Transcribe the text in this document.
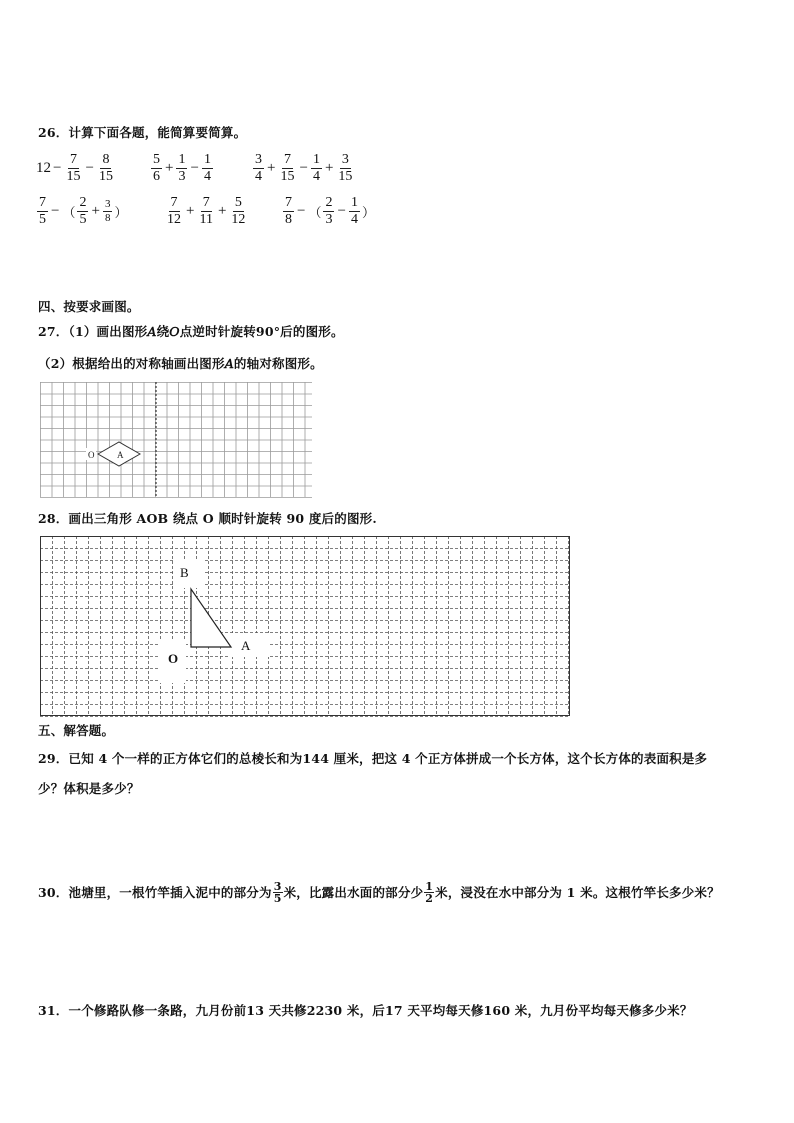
26．计算下面各题，能简算要简算。
$12 - \frac{7}{15} - \frac{8}{15}$	$\frac{5}{6} + \frac{1}{3} - \frac{1}{4}$	$\frac{3}{4} + \frac{7}{15} - \frac{1}{4} + \frac{3}{15}$
$\frac{7}{5}$ − （ $\frac{2}{5} + \frac{3}{8}$ ）	$\frac{7}{12} + \frac{7}{11} + \frac{5}{12}$	$\frac{7}{8}$ − （ $\frac{2}{3} - \frac{1}{4}$ ）
四、按要求画图。
27．（1）画出图形𝐴绕𝑂点逆时针旋转90°后的图形。
（2）根据给出的对称轴画出图形𝐴的轴对称图形。
A
O
28．画出三角形 AOB 绕点 O 顺时针旋转 90 度后的图形.
B
O
A
五、解答题。
29．已知 4 个一样的正方体它们的总棱长和为144 厘米，把这 4 个正方体拼成一个长方体，这个长方体的表面积是多
少？体积是多少？
30．池塘里，一根竹竿插入泥中的部分为 3
5 米，比露出水面的部分少 1
2 米，浸没在水中部分为 1 米。这根竹竿长多少米？
31．一个修路队修一条路，九月份前13 天共修2230 米，后17 天平均每天修160 米，九月份平均每天修多少米？
